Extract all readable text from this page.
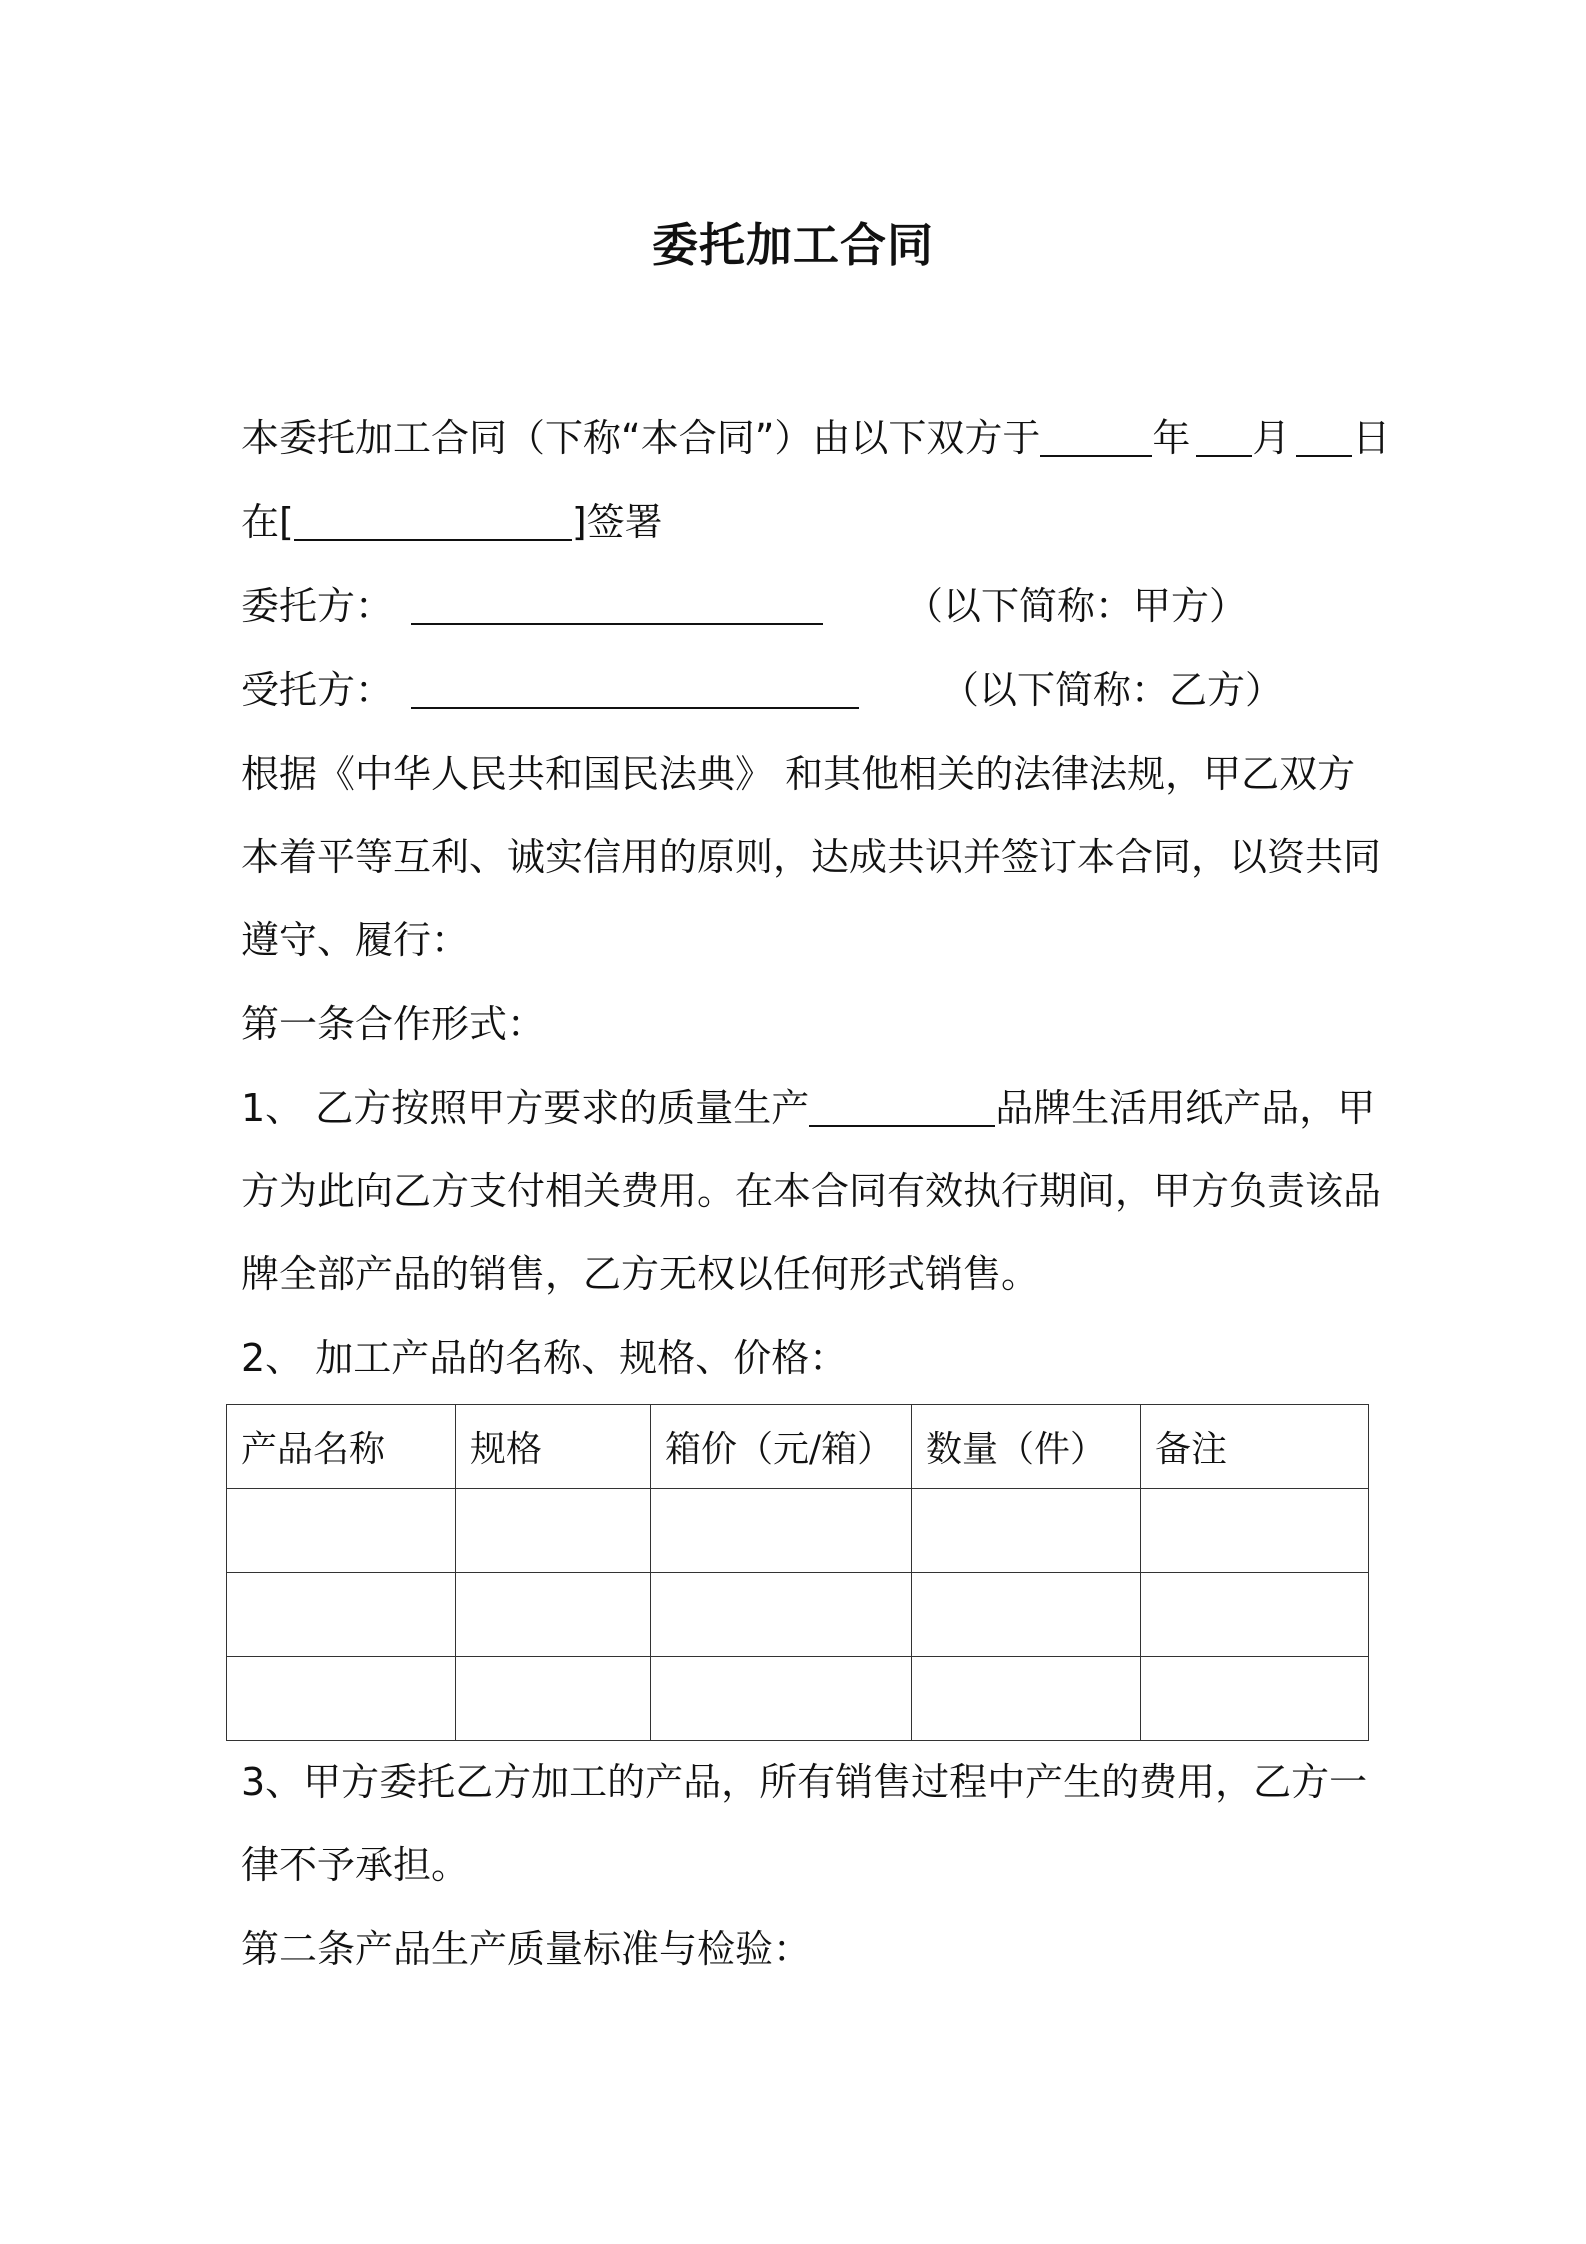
委托加工合同
本委托加工合同（下称“本合同”）由以下双方于	年 月 日
在[	]签署
委托方：	（以下简称：甲方）
受托方：	（以下简称：乙方）
根据《中华人民共和国民法典》 和其他相关的法律法规，甲乙双方
本着平等互利、诚实信用的原则，达成共识并签订本合同，以资共同
遵守、履行：
第一条合作形式：
1、 乙方按照甲方要求的质量生产	品牌生活用纸产品，甲
方为此向乙方支付相关费用。在本合同有效执行期间，甲方负责该品
牌全部产品的销售，乙方无权以任何形式销售。
2、 加工产品的名称、规格、价格：
产品名称	规格	箱价（元/箱）	数量（件）	备注

3、甲方委托乙方加工的产品，所有销售过程中产生的费用，乙方一
律不予承担。
第二条产品生产质量标准与检验：
